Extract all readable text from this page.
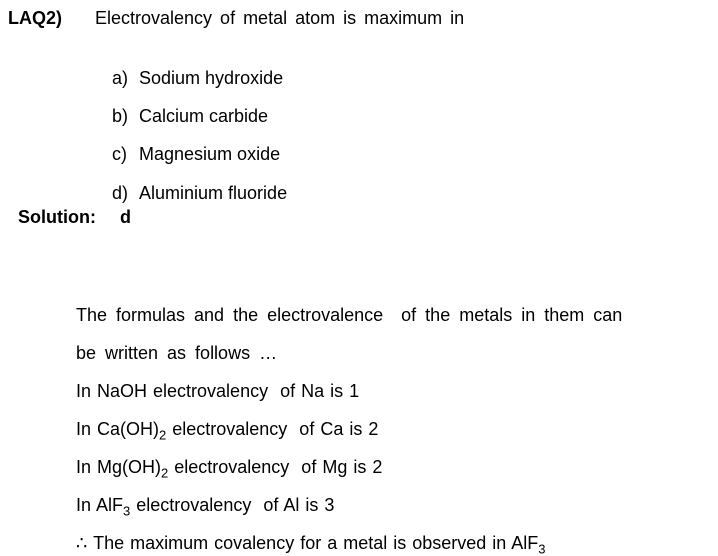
LAQ2) Electrovalency of metal atom is maximum in

a) Sodium hydroxide

b) Calcium carbide

c) Magnesium oxide

d) Aluminium fluoride

Solution: d

The formulas and the electrovalence  of the metals in them can

be written as follows …

In NaOH electrovalency  of Na is 1

In $Ca(OH)_2$ electrovalency  of Ca is 2

In $Mg(OH)_2$ electrovalency  of Mg is 2

In AlF$_3$ electrovalency  of Al is 3

∴ The maximum covalency for a metal is observed in AlF$_3$
